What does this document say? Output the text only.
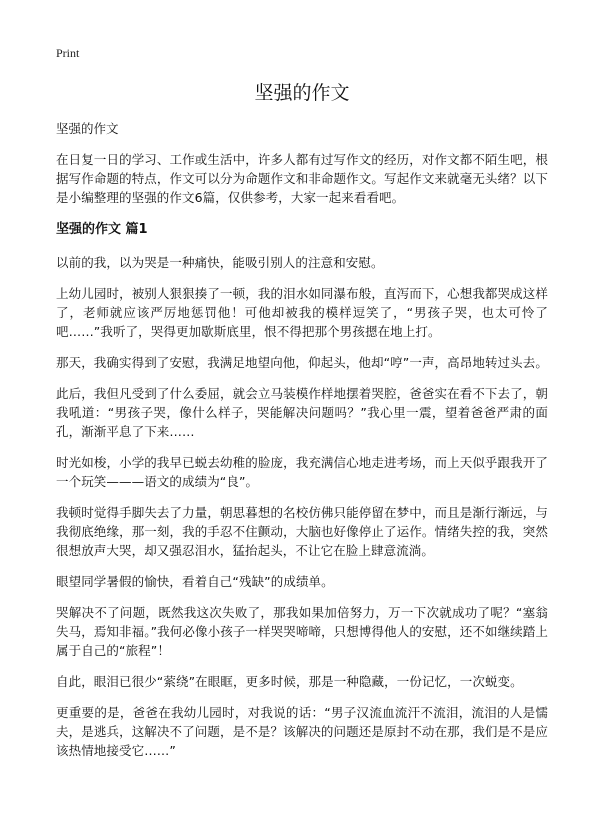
Print
坚强的作文

坚强的作文

在日复一日的学习、工作或生活中，许多人都有过写作文的经历，对作文都不陌生吧，根据写作命题的特点，作文可以分为命题作文和非命题作文。写起作文来就毫无头绪？以下是小编整理的坚强的作文6篇，仅供参考，大家一起来看看吧。

坚强的作文 篇1

以前的我，以为哭是一种痛快，能吸引别人的注意和安慰。

上幼儿园时，被别人狠狠揍了一顿，我的泪水如同瀑布般，直泻而下，心想我都哭成这样了，老师就应该严厉地惩罚他！可他却被我的模样逗笑了，“男孩子哭，也太可怜了吧……”我听了，哭得更加歇斯底里，恨不得把那个男孩摁在地上打。

那天，我确实得到了安慰，我满足地望向他，仰起头，他却“哼”一声，高昂地转过头去。

此后，我但凡受到了什么委屈，就会立马装模作样地摆着哭腔，爸爸实在看不下去了，朝我吼道：“男孩子哭，像什么样子，哭能解决问题吗？”我心里一震，望着爸爸严肃的面孔，渐渐平息了下来……

时光如梭，小学的我早已蜕去幼稚的脸庞，我充满信心地走进考场，而上天似乎跟我开了一个玩笑———语文的成绩为“良”。

我顿时觉得手脚失去了力量，朝思暮想的名校仿佛只能停留在梦中，而且是渐行渐远，与我彻底绝缘，那一刻，我的手忍不住颤动，大脑也好像停止了运作。情绪失控的我，突然很想放声大哭，却又强忍泪水，猛抬起头，不让它在脸上肆意流淌。

眼望同学暑假的愉快，看着自己“残缺”的成绩单。

哭解决不了问题，既然我这次失败了，那我如果加倍努力，万一下次就成功了呢？“塞翁失马，焉知非福。”我何必像小孩子一样哭哭啼啼，只想博得他人的安慰，还不如继续踏上属于自己的“旅程”！

自此，眼泪已很少“萦绕”在眼眶，更多时候，那是一种隐藏，一份记忆，一次蜕变。

更重要的是，爸爸在我幼儿园时，对我说的话：“男子汉流血流汗不流泪，流泪的人是懦夫，是逃兵，这解决不了问题，是不是？该解决的问题还是原封不动在那，我们是不是应该热情地接受它……”
